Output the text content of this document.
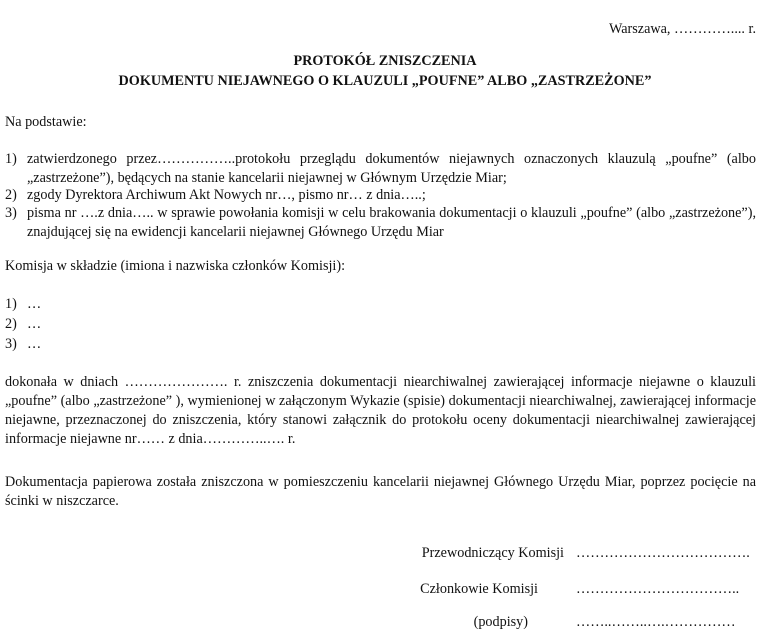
Warszawa, ………….... r.
PROTOKÓŁ ZNISZCZENIA
DOKUMENTU NIEJAWNEGO O KLAUZULI „POUFNE” ALBO „ZASTRZEŻONE”
Na podstawie:
1) zatwierdzonego przez……………..protokołu przeglądu dokumentów niejawnych oznaczonych klauzulą „poufne” (albo „zastrzeżone”), będących na stanie kancelarii niejawnej w Głównym Urzędzie Miar;
2) zgody Dyrektora Archiwum Akt Nowych nr…, pismo nr… z dnia…..;
3) pisma nr ….z dnia….. w sprawie powołania komisji w celu brakowania dokumentacji o klauzuli „poufne” (albo „zastrzeżone”), znajdującej się na ewidencji kancelarii niejawnej Głównego Urzędu Miar
Komisja w składzie (imiona i nazwiska członków Komisji):
1) …
2) …
3) …
dokonała w dniach …………………. r. zniszczenia dokumentacji niearchiwalnej zawierającej informacje niejawne o klauzuli „poufne” (albo „zastrzeżone” ), wymienionej w załączonym Wykazie (spisie) dokumentacji niearchiwalnej, zawierającej informacje niejawne, przeznaczonej do zniszczenia, który stanowi załącznik do protokołu oceny dokumentacji niearchiwalnej zawierającej informacje niejawne nr…… z dnia…………..…. r.
Dokumentacja papierowa została zniszczona w pomieszczeniu kancelarii niejawnej Głównego Urzędu Miar, poprzez pocięcie na ścinki w niszczarce.
Przewodniczący Komisji ……………………………….
Członkowie Komisji	……………………………..
(podpisy)	……..……..….……………
